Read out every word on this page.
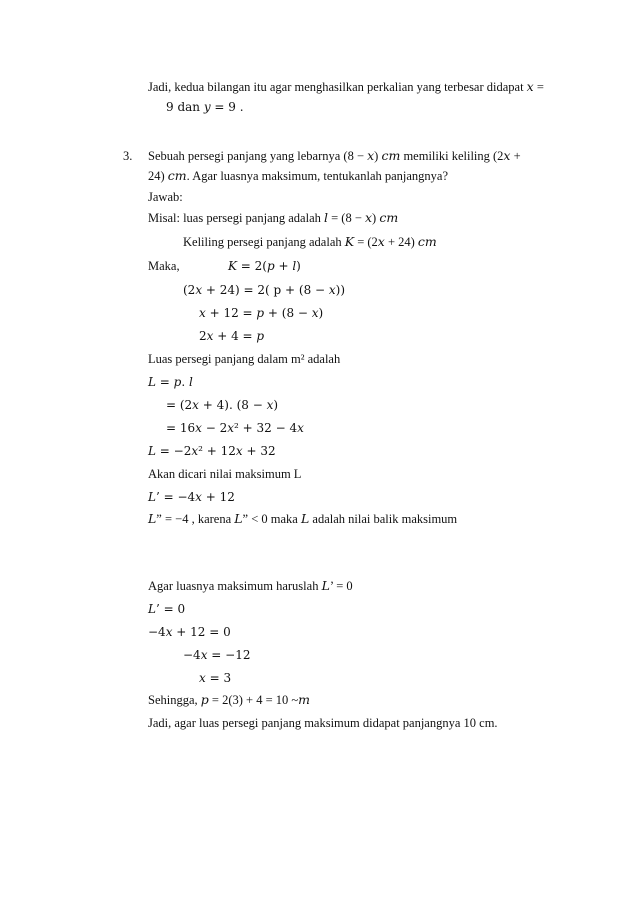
Jadi, kedua bilangan itu agar menghasilkan perkalian yang terbesar didapat 𝑥 =
9 dan 𝑦 = 9 .
3. Sebuah persegi panjang yang lebarnya (8 − 𝑥) 𝑐𝑚 memiliki keliling (2𝑥 +
24) 𝑐𝑚. Agar luasnya maksimum, tentukanlah panjangnya?
Jawab:
Misal: luas persegi panjang adalah 𝑙 = (8 − 𝑥) 𝑐𝑚
Keliling persegi panjang adalah 𝐾 = (2𝑥 + 24) 𝑐𝑚
Maka,	𝐾 = 2(𝑝 + 𝑙)
(2𝑥 + 24) = 2( p + (8 − 𝑥))
𝑥 + 12 = 𝑝 + (8 − 𝑥)
2𝑥 + 4 = 𝑝
Luas persegi panjang dalam m² adalah
𝐿 = 𝑝. 𝑙
= (2𝑥 + 4). (8 − 𝑥)
= 16𝑥 − 2𝑥² + 32 − 4𝑥
𝐿 = −2𝑥² + 12𝑥 + 32
Akan dicari nilai maksimum L
𝐿’ = −4𝑥 + 12
𝐿” = −4 , karena 𝐿” < 0 maka 𝐿 adalah nilai balik maksimum
Agar luasnya maksimum haruslah 𝐿’ = 0
𝐿’ = 0
−4𝑥 + 12 = 0
−4𝑥 = −12
𝑥 = 3
Sehingga, 𝑝 = 2(3) + 4 = 10 ~𝑚
Jadi, agar luas persegi panjang maksimum didapat panjangnya 10 cm.
